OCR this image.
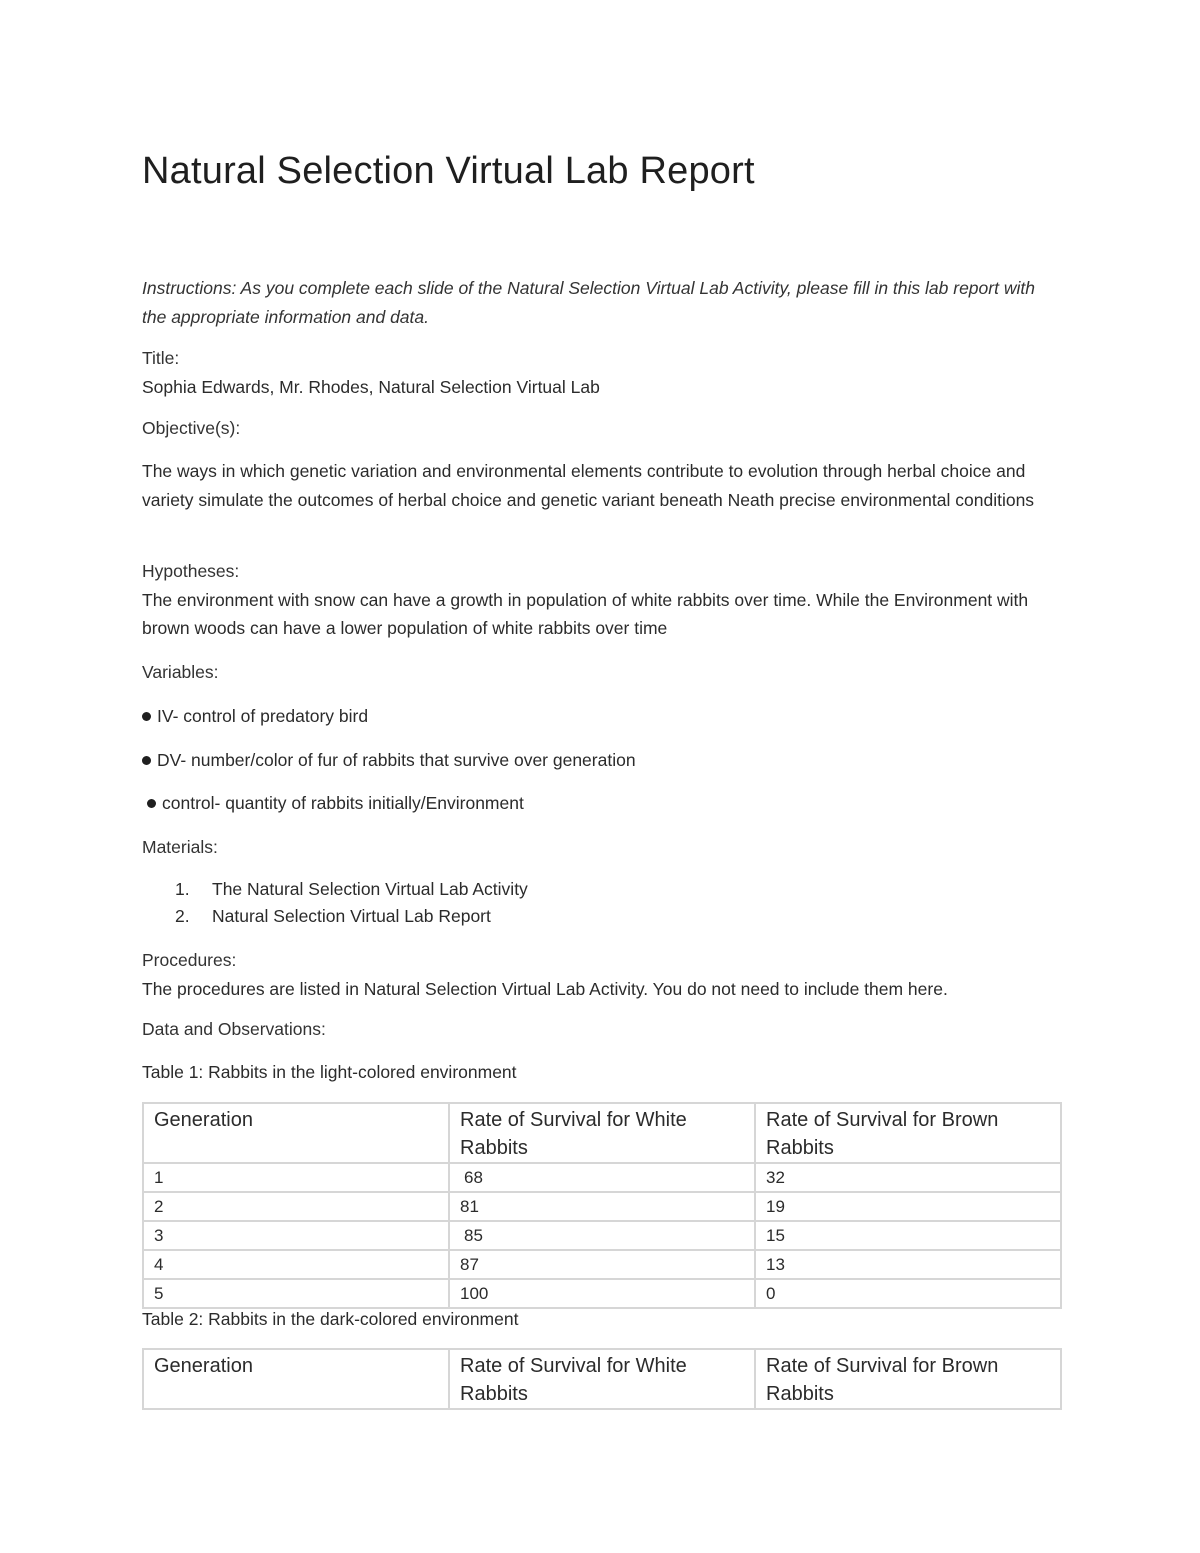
Natural Selection Virtual Lab Report
Instructions: As you complete each slide of the Natural Selection Virtual Lab Activity, please fill in this lab report with the appropriate information and data.
Title:
Sophia Edwards, Mr. Rhodes, Natural Selection Virtual Lab
Objective(s):
The ways in which genetic variation and environmental elements contribute to evolution through herbal choice and variety simulate the outcomes of herbal choice and genetic variant beneath Neath precise environmental conditions
Hypotheses:
The environment with snow can have a growth in population of white rabbits over time. While the Environment with brown woods can have a lower population of white rabbits over time
Variables:
IV- control of predatory bird
DV- number/color of fur of rabbits that survive over generation
control- quantity of rabbits initially/Environment
Materials:
1. The Natural Selection Virtual Lab Activity
2. Natural Selection Virtual Lab Report
Procedures:
The procedures are listed in Natural Selection Virtual Lab Activity. You do not need to include them here.
Data and Observations:
Table 1: Rabbits in the light-colored environment
Generation	Rate of Survival for White Rabbits	Rate of Survival for Brown Rabbits
1	68	32
2	81	19
3	85	15
4	87	13
5	100	0
Table 2: Rabbits in the dark-colored environment
Generation	Rate of Survival for White Rabbits	Rate of Survival for Brown Rabbits
